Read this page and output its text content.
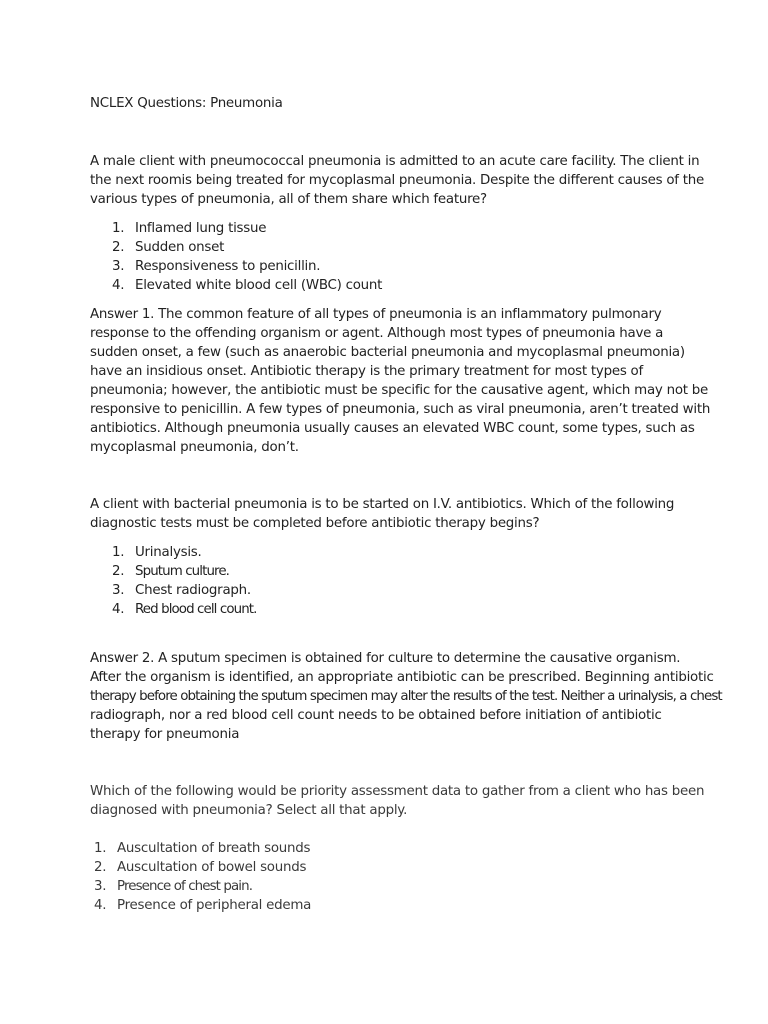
NCLEX Questions: Pneumonia
A male client with pneumococcal pneumonia is admitted to an acute care facility. The client in
the next roomis being treated for mycoplasmal pneumonia. Despite the different causes of the
various types of pneumonia, all of them share which feature?
1. Inflamed lung tissue
2. Sudden onset
3. Responsiveness to penicillin.
4. Elevated white blood cell (WBC) count
Answer 1. The common feature of all types of pneumonia is an inflammatory pulmonary
response to the offending organism or agent. Although most types of pneumonia have a
sudden onset, a few (such as anaerobic bacterial pneumonia and mycoplasmal pneumonia)
have an insidious onset. Antibiotic therapy is the primary treatment for most types of
pneumonia; however, the antibiotic must be specific for the causative agent, which may not be
responsive to penicillin. A few types of pneumonia, such as viral pneumonia, aren’t treated with
antibiotics. Although pneumonia usually causes an elevated WBC count, some types, such as
mycoplasmal pneumonia, don’t.
A client with bacterial pneumonia is to be started on I.V. antibiotics. Which of the following
diagnostic tests must be completed before antibiotic therapy begins?
1. Urinalysis.
2. Sputum culture.
3. Chest radiograph.
4. Red blood cell count.
Answer 2. A sputum specimen is obtained for culture to determine the causative organism.
After the organism is identified, an appropriate antibiotic can be prescribed. Beginning antibiotic
therapy before obtaining the sputum specimen may alter the results of the test. Neither a urinalysis, a chest
radiograph, nor a red blood cell count needs to be obtained before initiation of antibiotic
therapy for pneumonia
Which of the following would be priority assessment data to gather from a client who has been
diagnosed with pneumonia? Select all that apply.
1. Auscultation of breath sounds
2. Auscultation of bowel sounds
3. Presence of chest pain.
4. Presence of peripheral edema
